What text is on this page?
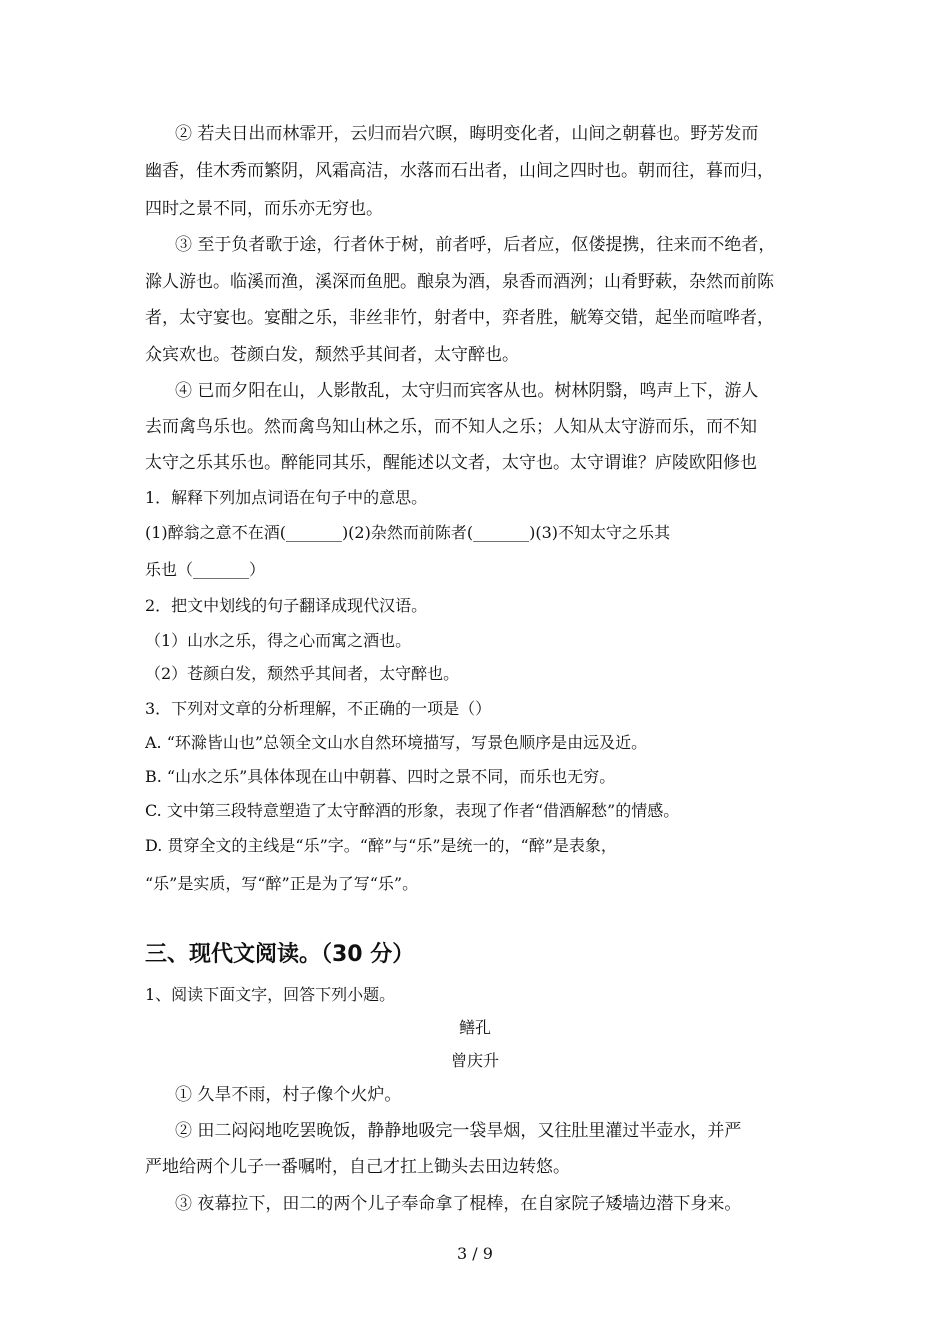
② 若夫日出而林霏开，云归而岩穴暝，晦明变化者，山间之朝暮也。野芳发而
幽香，佳木秀而繁阴，风霜高洁，水落而石出者，山间之四时也。朝而往，暮而归，
四时之景不同，而乐亦无穷也。
③ 至于负者歌于途，行者休于树，前者呼，后者应，伛偻提携，往来而不绝者，
滁人游也。临溪而渔，溪深而鱼肥。酿泉为酒，泉香而酒洌；山肴野蔌，杂然而前陈
者，太守宴也。宴酣之乐，非丝非竹，射者中，弈者胜，觥筹交错，起坐而喧哗者，
众宾欢也。苍颜白发，颓然乎其间者，太守醉也。
④ 已而夕阳在山，人影散乱，太守归而宾客从也。树林阴翳，鸣声上下，游人
去而禽鸟乐也。然而禽鸟知山林之乐，而不知人之乐；人知从太守游而乐，而不知
太守之乐其乐也。醉能同其乐，醒能述以文者，太守也。太守谓谁？庐陵欧阳修也
1．解释下列加点词语在句子中的意思。
(1)醉翁之意不在酒(_______)(2)杂然而前陈者(_______)(3)不知太守之乐其
乐也（_______）
2．把文中划线的句子翻译成现代汉语。
（1）山水之乐，得之心而寓之酒也。
（2）苍颜白发，颓然乎其间者，太守醉也。
3．下列对文章的分析理解，不正确的一项是（）
A. “环滁皆山也”总领全文山水自然环境描写，写景色顺序是由远及近。
B. “山水之乐”具体体现在山中朝暮、四时之景不同，而乐也无穷。
C. 文中第三段特意塑造了太守醉酒的形象，表现了作者“借酒解愁”的情感。
D. 贯穿全文的主线是“乐”字。“醉”与“乐”是统一的，“醉”是表象，
“乐”是实质，写“醉”正是为了写“乐”。
三、现代文阅读。（30 分）
1、阅读下面文字，回答下列小题。
鳝孔
曾庆升
① 久旱不雨，村子像个火炉。
② 田二闷闷地吃罢晚饭，静静地吸完一袋旱烟，又往肚里灌过半壶水，并严
严地给两个儿子一番嘱咐，自己才扛上锄头去田边转悠。
③ 夜幕拉下，田二的两个儿子奉命拿了棍棒，在自家院子矮墙边潜下身来。
3 / 9
